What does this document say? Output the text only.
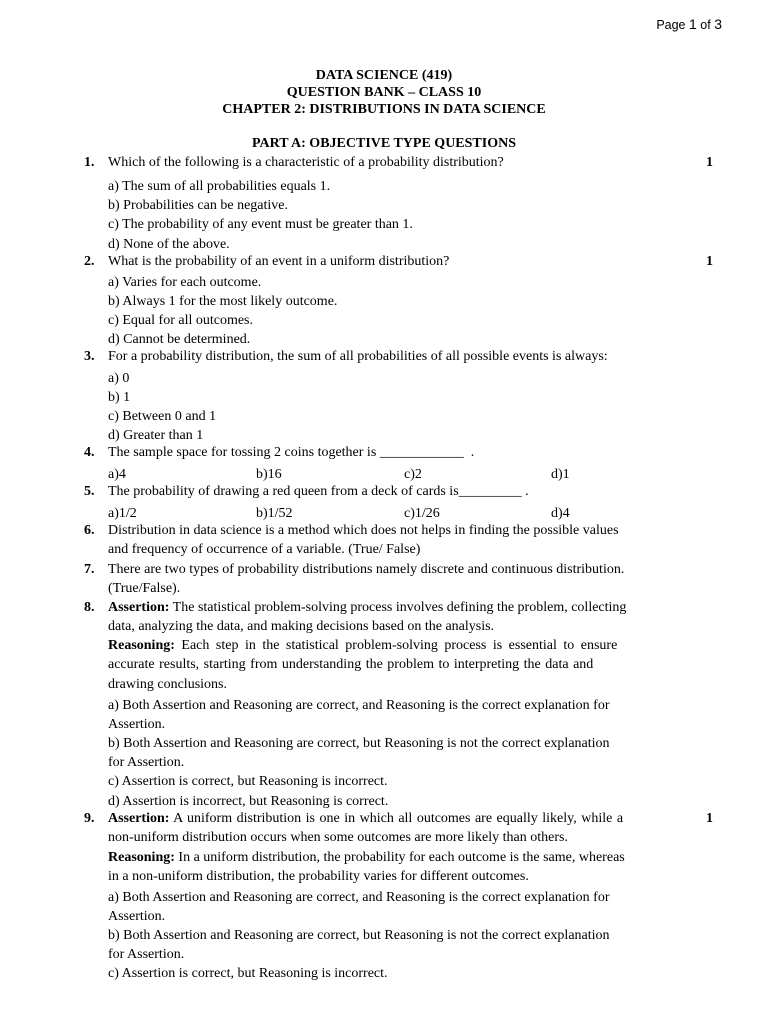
Page 1 of 3
DATA SCIENCE (419)
QUESTION BANK – CLASS 10
CHAPTER 2: DISTRIBUTIONS IN DATA SCIENCE
PART A: OBJECTIVE TYPE QUESTIONS
1. Which of the following is a characteristic of a probability distribution?	1
a) The sum of all probabilities equals 1.
b) Probabilities can be negative.
c) The probability of any event must be greater than 1.
d) None of the above.
2. What is the probability of an event in a uniform distribution?	1
a) Varies for each outcome.
b) Always 1 for the most likely outcome.
c) Equal for all outcomes.
d) Cannot be determined.
3. For a probability distribution, the sum of all probabilities of all possible events is always:
a) 0
b) 1
c) Between 0 and 1
d) Greater than 1
4. The sample space for tossing 2 coins together is ____________  .
a)4	b)16	c)2	d)1
5. The probability of drawing a red queen from a deck of cards is_________ .
a)1/2	b)1/52	c)1/26	d)4
6. Distribution in data science is a method which does not helps in finding the possible values
and frequency of occurrence of a variable. (True/ False)
7. There are two types of probability distributions namely discrete and continuous distribution.
(True/False).
8. Assertion: The statistical problem-solving process involves defining the problem, collecting
data, analyzing the data, and making decisions based on the analysis.
Reasoning: Each step in the statistical problem-solving process is essential to ensure
accurate results, starting from understanding the problem to interpreting the data and
drawing conclusions.
a) Both Assertion and Reasoning are correct, and Reasoning is the correct explanation for
Assertion.
b) Both Assertion and Reasoning are correct, but Reasoning is not the correct explanation
for Assertion.
c) Assertion is correct, but Reasoning is incorrect.
d) Assertion is incorrect, but Reasoning is correct.
9.	1
Assertion: A uniform distribution is one in which all outcomes are equally likely, while a
non-uniform distribution occurs when some outcomes are more likely than others.
Reasoning: In a uniform distribution, the probability for each outcome is the same, whereas
in a non-uniform distribution, the probability varies for different outcomes.
a) Both Assertion and Reasoning are correct, and Reasoning is the correct explanation for
Assertion.
b) Both Assertion and Reasoning are correct, but Reasoning is not the correct explanation
for Assertion.
c) Assertion is correct, but Reasoning is incorrect.
